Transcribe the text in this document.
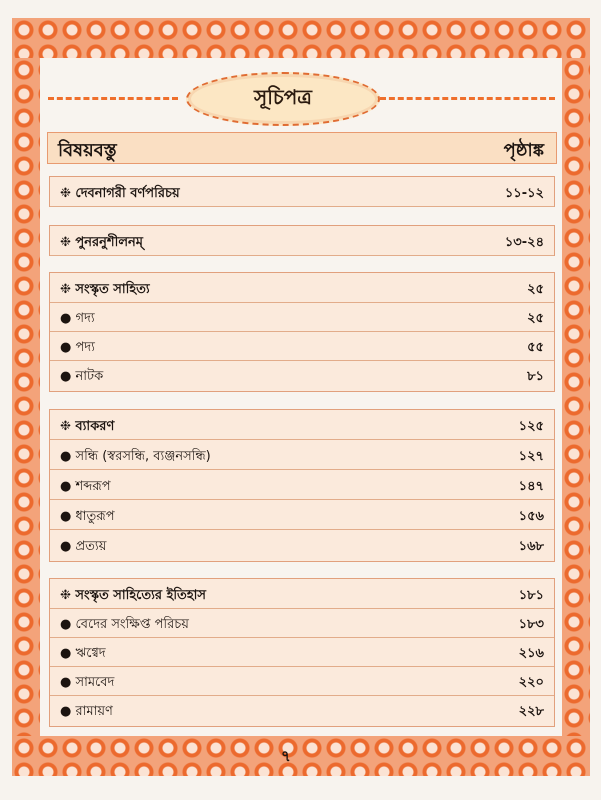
সূচিপত্র
বিষয়বস্তু	পৃষ্ঠাঙ্ক
❉ দেবনাগরী বর্ণপরিচয়	১১-১২
❉ পুনরনুশীলনম্	১৩-২৪
❉ সংস্কৃত সাহিত্য	২৫
● গদ্য	২৫
● পদ্য	৫৫
● নাটক	৮১
❉ ব্যাকরণ	১২৫
● সন্ধি (স্বরসন্ধি, ব্যঞ্জনসন্ধি)	১২৭
● শব্দরূপ	১৪৭
● ধাতুরূপ	১৫৬
● প্রত্যয়	১৬৮
❉ সংস্কৃত সাহিত্যের ইতিহাস	১৮১
● বেদের সংক্ষিপ্ত পরিচয়	১৮৩
● ঋগ্বেদ	২১৬
● সামবেদ	২২০
● রামায়ণ	২২৮
৭
